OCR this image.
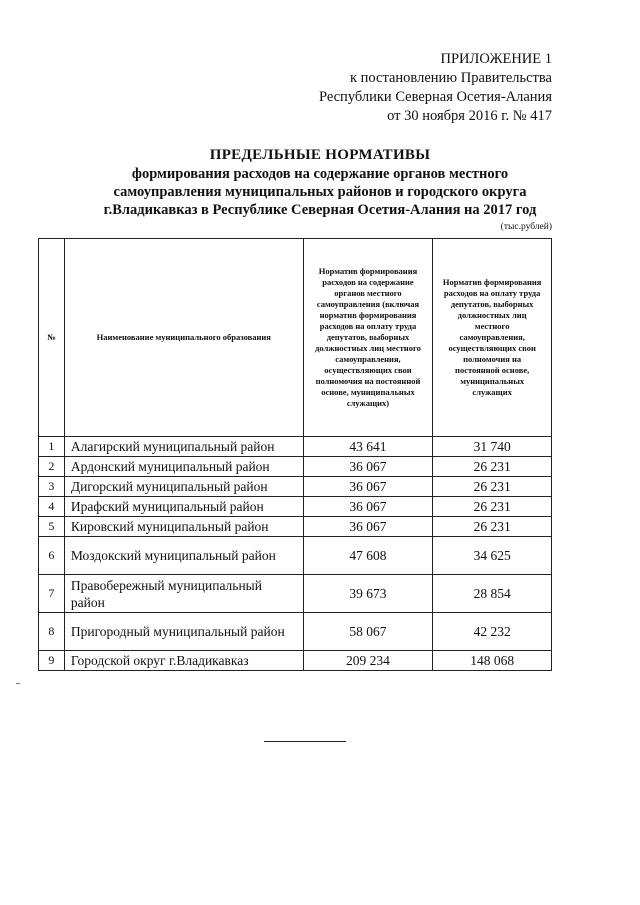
ПРИЛОЖЕНИЕ 1
к постановлению Правительства
Республики Северная Осетия-Алания
от 30 ноября 2016 г. № 417
ПРЕДЕЛЬНЫЕ НОРМАТИВЫ
формирования расходов на содержание органов местного
самоуправления муниципальных районов и городского округа
г.Владикавказ в Республике Северная Осетия-Алания на 2017 год
(тыс.рублей)
№	Наименование муниципального образования	Норматив формирования расходов на содержание органов местного самоуправления (включая норматив формирования расходов на оплату труда депутатов, выборных должностных лиц местного самоуправления, осуществляющих свои полномочия на постоянной основе, муниципальных служащих)	Норматив формирования расходов на оплату труда депутатов, выборных должностных лиц местного самоуправления, осуществляющих свои полномочия на постоянной основе, муниципальных служащих
1	Алагирский муниципальный район	43 641	31 740
2	Ардонский муниципальный район	36 067	26 231
3	Дигорский муниципальный район	36 067	26 231
4	Ирафский муниципальный район	36 067	26 231
5	Кировский муниципальный район	36 067	26 231
6	Моздокский муниципальный район	47 608	34 625
7	Правобережный муниципальный район	39 673	28 854
8	Пригородный муниципальный район	58 067	42 232
9	Городской округ г.Владикавказ	209 234	148 068
